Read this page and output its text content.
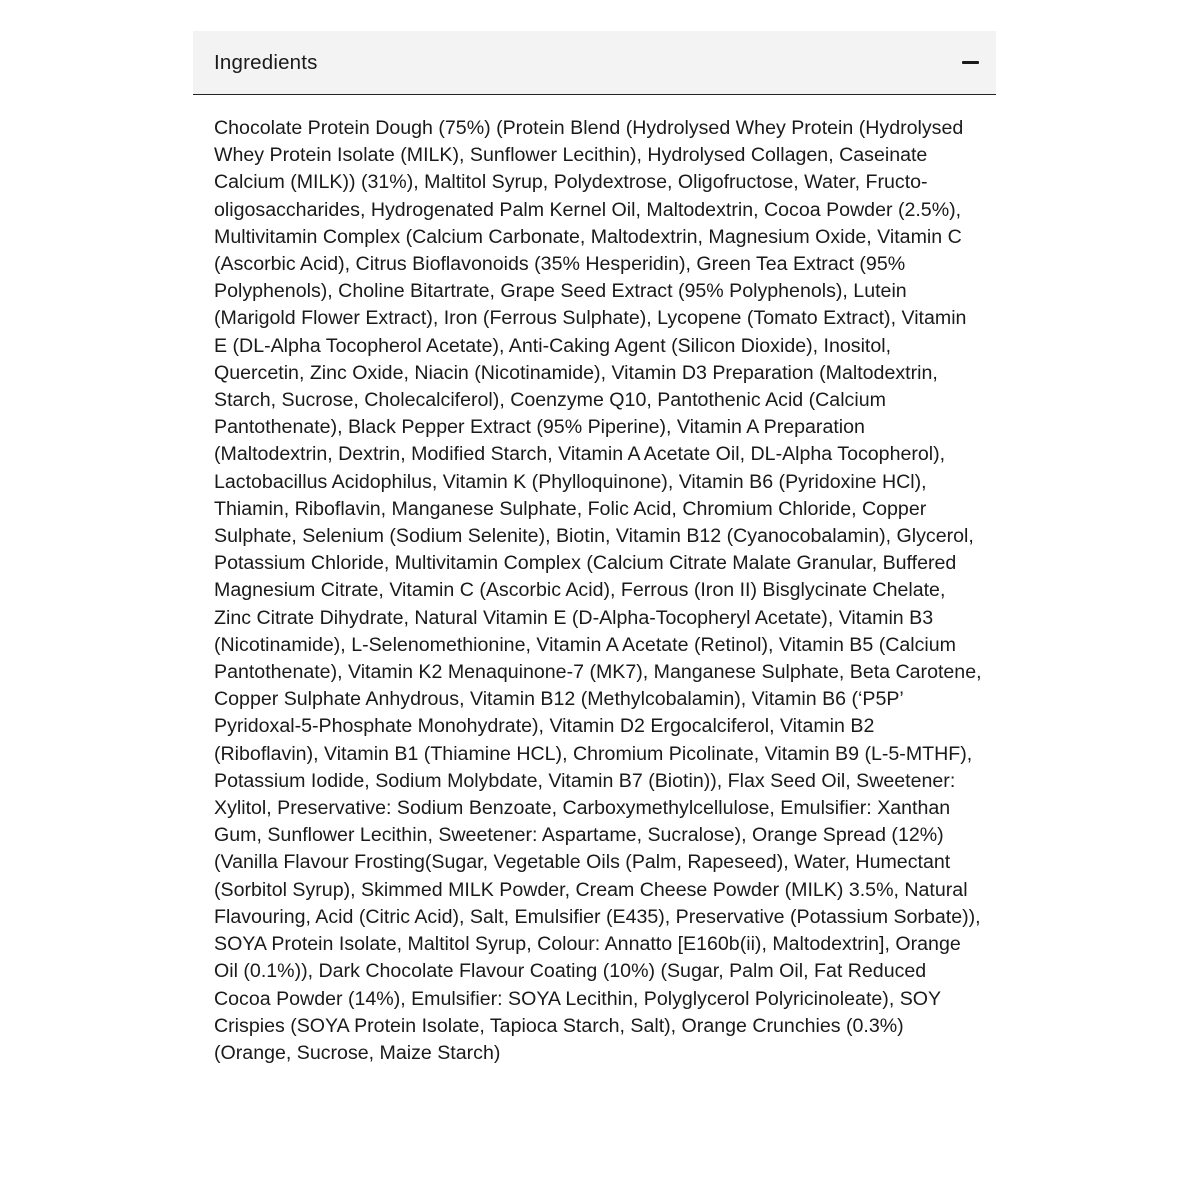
Ingredients

Chocolate Protein Dough (75%) (Protein Blend (Hydrolysed Whey Protein (Hydrolysed Whey Protein Isolate (MILK), Sunflower Lecithin), Hydrolysed Collagen, Caseinate Calcium (MILK)) (31%), Maltitol Syrup, Polydextrose, Oligofructose, Water, Fructo-oligosaccharides, Hydrogenated Palm Kernel Oil, Maltodextrin, Cocoa Powder (2.5%), Multivitamin Complex (Calcium Carbonate, Maltodextrin, Magnesium Oxide, Vitamin C (Ascorbic Acid), Citrus Bioflavonoids (35% Hesperidin), Green Tea Extract (95% Polyphenols), Choline Bitartrate, Grape Seed Extract (95% Polyphenols), Lutein (Marigold Flower Extract), Iron (Ferrous Sulphate), Lycopene (Tomato Extract), Vitamin E (DL-Alpha Tocopherol Acetate), Anti-Caking Agent (Silicon Dioxide), Inositol, Quercetin, Zinc Oxide, Niacin (Nicotinamide), Vitamin D3 Preparation (Maltodextrin, Starch, Sucrose, Cholecalciferol), Coenzyme Q10, Pantothenic Acid (Calcium Pantothenate), Black Pepper Extract (95% Piperine), Vitamin A Preparation (Maltodextrin, Dextrin, Modified Starch, Vitamin A Acetate Oil, DL-Alpha Tocopherol), Lactobacillus Acidophilus, Vitamin K (Phylloquinone), Vitamin B6 (Pyridoxine HCl), Thiamin, Riboflavin, Manganese Sulphate, Folic Acid, Chromium Chloride, Copper Sulphate, Selenium (Sodium Selenite), Biotin, Vitamin B12 (Cyanocobalamin), Glycerol, Potassium Chloride, Multivitamin Complex (Calcium Citrate Malate Granular, Buffered Magnesium Citrate, Vitamin C (Ascorbic Acid), Ferrous (Iron II) Bisglycinate Chelate, Zinc Citrate Dihydrate, Natural Vitamin E (D-Alpha-Tocopheryl Acetate), Vitamin B3 (Nicotinamide), L-Selenomethionine, Vitamin A Acetate (Retinol), Vitamin B5 (Calcium Pantothenate), Vitamin K2 Menaquinone-7 (MK7), Manganese Sulphate, Beta Carotene, Copper Sulphate Anhydrous, Vitamin B12 (Methylcobalamin), Vitamin B6 (‘P5P’ Pyridoxal-5-Phosphate Monohydrate), Vitamin D2 Ergocalciferol, Vitamin B2 (Riboflavin), Vitamin B1 (Thiamine HCL), Chromium Picolinate, Vitamin B9 (L-5-MTHF), Potassium Iodide, Sodium Molybdate, Vitamin B7 (Biotin)), Flax Seed Oil, Sweetener: Xylitol, Preservative: Sodium Benzoate, Carboxymethylcellulose, Emulsifier: Xanthan Gum, Sunflower Lecithin, Sweetener: Aspartame, Sucralose), Orange Spread (12%) (Vanilla Flavour Frosting(Sugar, Vegetable Oils (Palm, Rapeseed), Water, Humectant (Sorbitol Syrup), Skimmed MILK Powder, Cream Cheese Powder (MILK) 3.5%, Natural Flavouring, Acid (Citric Acid), Salt, Emulsifier (E435), Preservative (Potassium Sorbate)), SOYA Protein Isolate, Maltitol Syrup, Colour: Annatto [E160b(ii), Maltodextrin], Orange Oil (0.1%)), Dark Chocolate Flavour Coating (10%) (Sugar, Palm Oil, Fat Reduced Cocoa Powder (14%), Emulsifier: SOYA Lecithin, Polyglycerol Polyricinoleate), SOY Crispies (SOYA Protein Isolate, Tapioca Starch, Salt), Orange Crunchies (0.3%) (Orange, Sucrose, Maize Starch)
